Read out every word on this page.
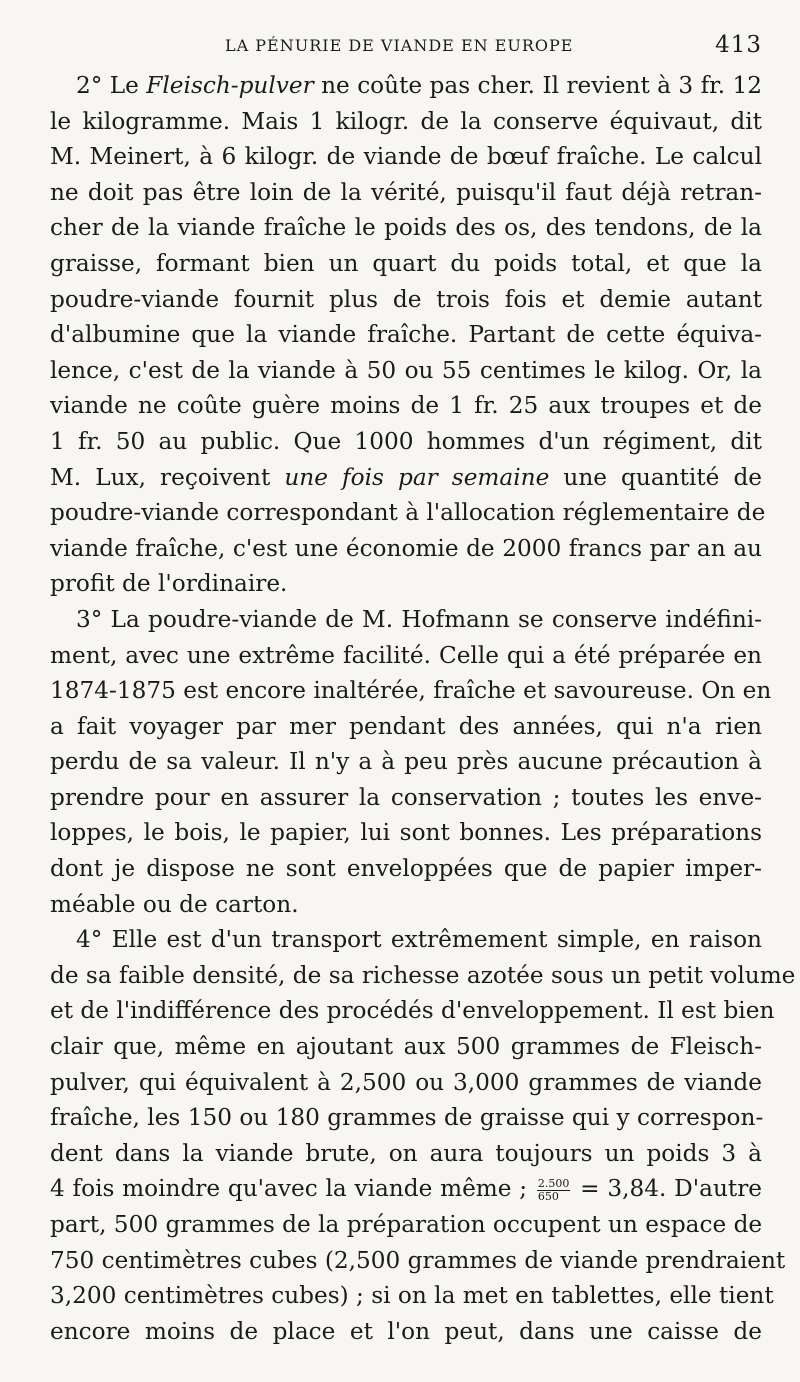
LA PÉNURIE DE VIANDE EN EUROPE	413
2° Le Fleisch-pulver ne coûte pas cher. Il revient à 3 fr. 12
le kilogramme. Mais 1 kilogr. de la conserve équivaut, dit
M. Meinert, à 6 kilogr. de viande de bœuf fraîche. Le calcul
ne doit pas être loin de la vérité, puisqu'il faut déjà retran-
cher de la viande fraîche le poids des os, des tendons, de la
graisse, formant bien un quart du poids total, et que la
poudre-viande fournit plus de trois fois et demie autant
d'albumine que la viande fraîche. Partant de cette équiva-
lence, c'est de la viande à 50 ou 55 centimes le kilog. Or, la
viande ne coûte guère moins de 1 fr. 25 aux troupes et de
1 fr. 50 au public. Que 1000 hommes d'un régiment, dit
M. Lux, reçoivent une fois par semaine une quantité de
poudre-viande correspondant à l'allocation réglementaire de
viande fraîche, c'est une économie de 2000 francs par an au
profit de l'ordinaire.
3° La poudre-viande de M. Hofmann se conserve indéfini-
ment, avec une extrême facilité. Celle qui a été préparée en
1874-1875 est encore inaltérée, fraîche et savoureuse. On en
a fait voyager par mer pendant des années, qui n'a rien
perdu de sa valeur. Il n'y a à peu près aucune précaution à
prendre pour en assurer la conservation ; toutes les enve-
loppes, le bois, le papier, lui sont bonnes. Les préparations
dont je dispose ne sont enveloppées que de papier imper-
méable ou de carton.
4° Elle est d'un transport extrêmement simple, en raison
de sa faible densité, de sa richesse azotée sous un petit volume
et de l'indifférence des procédés d'enveloppement. Il est bien
clair que, même en ajoutant aux 500 grammes de Fleisch-
pulver, qui équivalent à 2,500 ou 3,000 grammes de viande
fraîche, les 150 ou 180 grammes de graisse qui y correspon-
dent dans la viande brute, on aura toujours un poids 3 à
4 fois moindre qu'avec la viande même ; $\frac{2.500}{650} = 3,84$. D'autre
part, 500 grammes de la préparation occupent un espace de
750 centimètres cubes (2,500 grammes de viande prendraient
3,200 centimètres cubes) ; si on la met en tablettes, elle tient
encore moins de place et l'on peut, dans une caisse de
